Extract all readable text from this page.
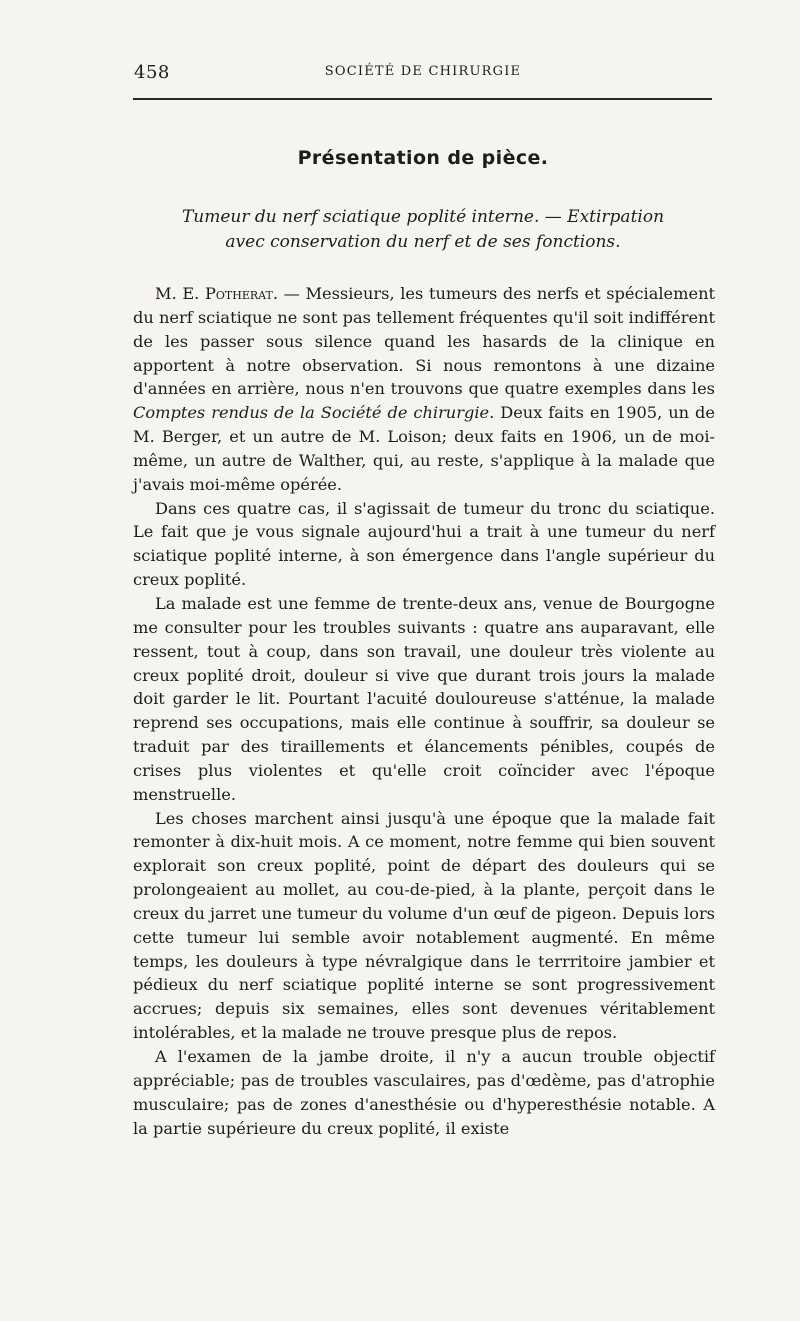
458	SOCIÉTÉ DE CHIRURGIE
Présentation de pièce.
Tumeur du nerf sciatique poplité interne. — Extirpation
avec conservation du nerf et de ses fonctions.

M. E. Potherat. — Messieurs, les tumeurs des nerfs et spécialement du nerf sciatique ne sont pas tellement fréquentes qu'il soit indifférent de les passer sous silence quand les hasards de la clinique en apportent à notre observation. Si nous remontons à une dizaine d'années en arrière, nous n'en trouvons que quatre exemples dans les Comptes rendus de la Société de chirurgie. Deux faits en 1905, un de M. Berger, et un autre de M. Loison; deux faits en 1906, un de moi-même, un autre de Walther, qui, au reste, s'applique à la malade que j'avais moi-même opérée.

Dans ces quatre cas, il s'agissait de tumeur du tronc du sciatique. Le fait que je vous signale aujourd'hui a trait à une tumeur du nerf sciatique poplité interne, à son émergence dans l'angle supérieur du creux poplité.

La malade est une femme de trente-deux ans, venue de Bourgogne me consulter pour les troubles suivants : quatre ans auparavant, elle ressent, tout à coup, dans son travail, une douleur très violente au creux poplité droit, douleur si vive que durant trois jours la malade doit garder le lit. Pourtant l'acuité douloureuse s'atténue, la malade reprend ses occupations, mais elle continue à souffrir, sa douleur se traduit par des tiraillements et élancements pénibles, coupés de crises plus violentes et qu'elle croit coïncider avec l'époque menstruelle.

Les choses marchent ainsi jusqu'à une époque que la malade fait remonter à dix-huit mois. A ce moment, notre femme qui bien souvent explorait son creux poplité, point de départ des douleurs qui se prolongeaient au mollet, au cou-de-pied, à la plante, perçoit dans le creux du jarret une tumeur du volume d'un œuf de pigeon. Depuis lors cette tumeur lui semble avoir notablement augmenté. En même temps, les douleurs à type névralgique dans le terrritoire jambier et pédieux du nerf sciatique poplité interne se sont progressivement accrues; depuis six semaines, elles sont devenues véritablement intolérables, et la malade ne trouve presque plus de repos.

A l'examen de la jambe droite, il n'y a aucun trouble objectif appréciable; pas de troubles vasculaires, pas d'œdème, pas d'atrophie musculaire; pas de zones d'anesthésie ou d'hyperesthésie notable. A la partie supérieure du creux poplité, il existe
